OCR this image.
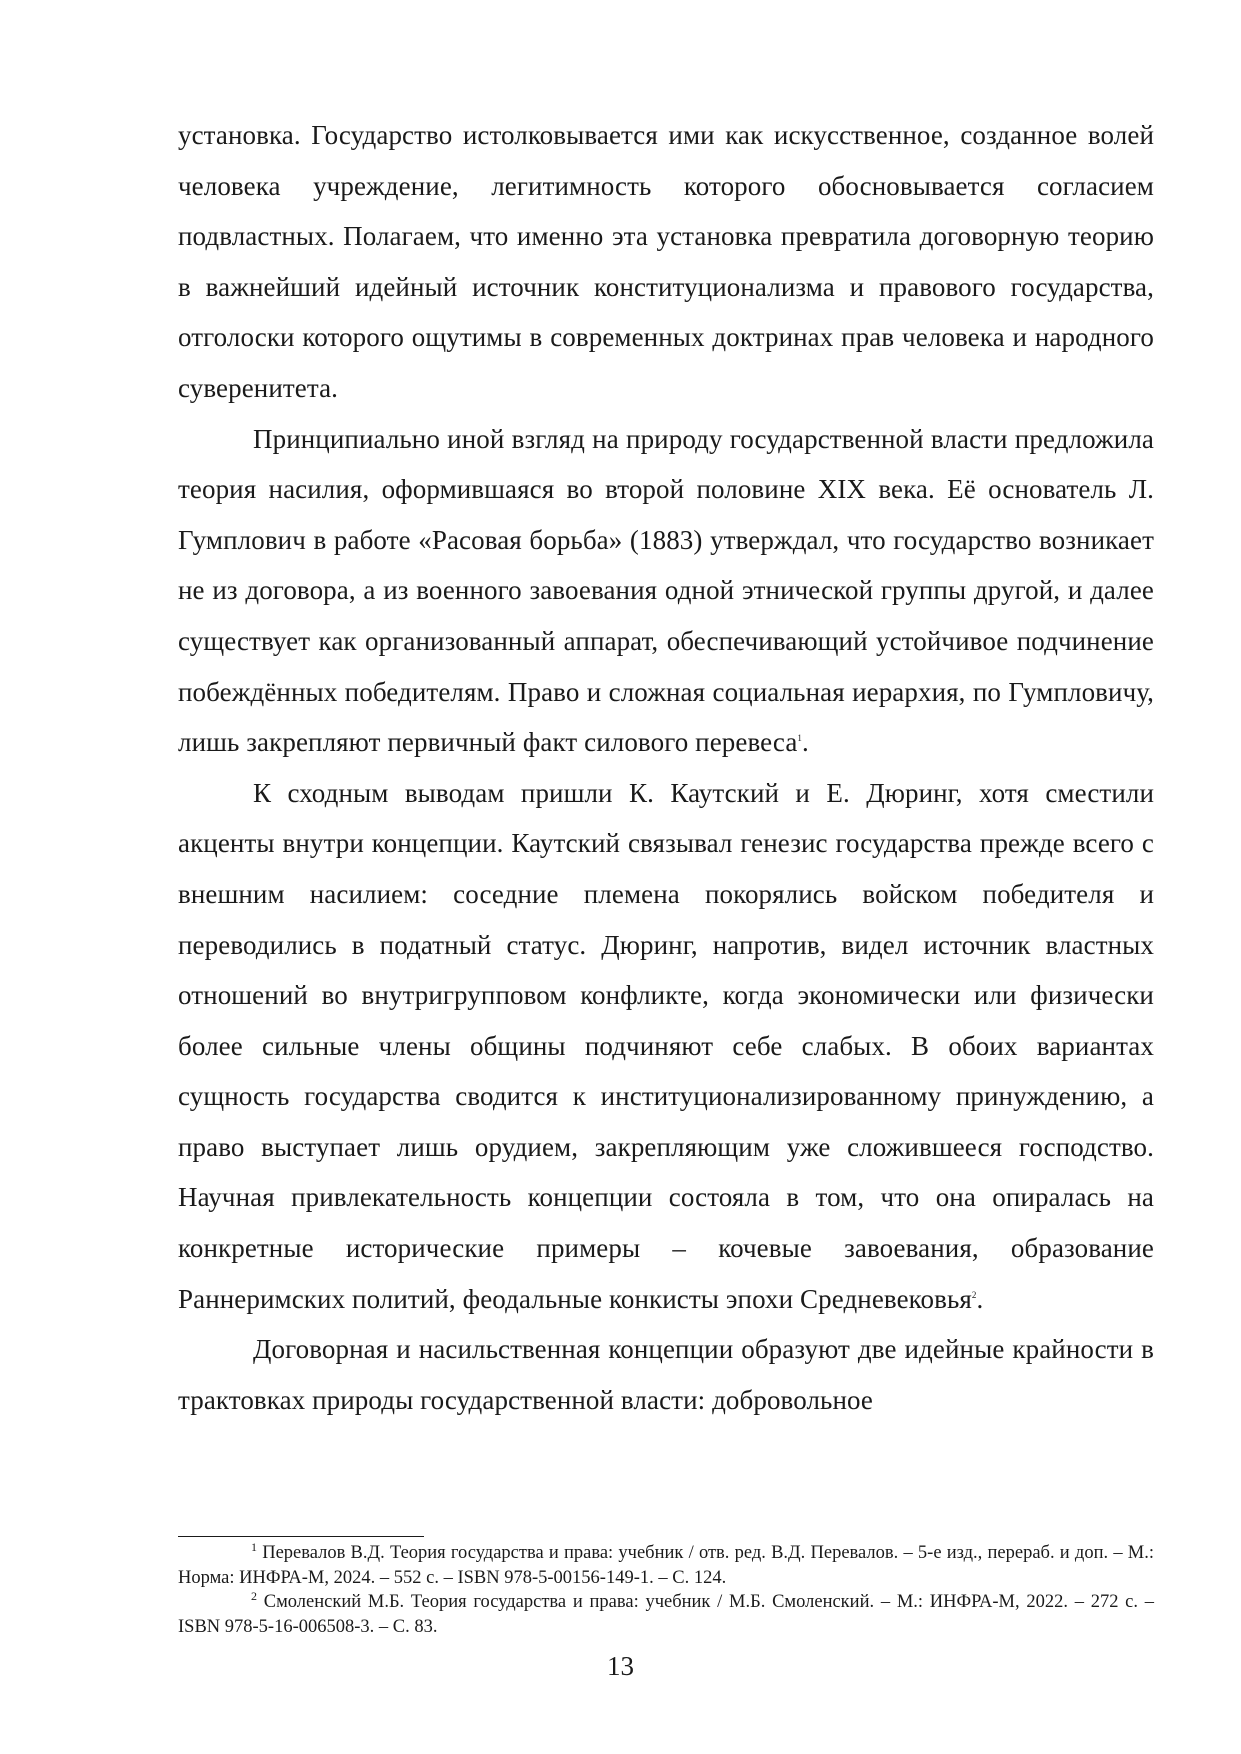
установка. Государство истолковывается ими как искусственное, созданное волей человека учреждение, легитимность которого обосновывается согласием подвластных. Полагаем, что именно эта установка превратила договорную теорию в важнейший идейный источник конституционализма и правового государства, отголоски которого ощутимы в современных доктринах прав человека и народного суверенитета.

Принципиально иной взгляд на природу государственной власти предложила теория насилия, оформившаяся во второй половине XIX века. Её основатель Л. Гумплович в работе «Расовая борьба» (1883) утверждал, что государство возникает не из договора, а из военного завоевания одной этнической группы другой, и далее существует как организованный аппарат, обеспечивающий устойчивое подчинение побеждённых победителям. Право и сложная социальная иерархия, по Гумпловичу, лишь закрепляют первичный факт силового перевеса$^1$.

К сходным выводам пришли К. Каутский и Е. Дюринг, хотя сместили акценты внутри концепции. Каутский связывал генезис государства прежде всего с внешним насилием: соседние племена покорялись войском победителя и переводились в податный статус. Дюринг, напротив, видел источник властных отношений во внутригрупповом конфликте, когда экономически или физически более сильные члены общины подчиняют себе слабых. В обоих вариантах сущность государства сводится к институционализированному принуждению, а право выступает лишь орудием, закрепляющим уже сложившееся господство. Научная привлекательность концепции состояла в том, что она опиралась на конкретные исторические примеры – кочевые завоевания, образование Раннеримских политий, феодальные конкисты эпохи Средневековья$^2$.

Договорная и насильственная концепции образуют две идейные крайности в трактовках природы государственной власти: добровольное

$^1$ Перевалов В.Д. Теория государства и права: учебник / отв. ред. В.Д. Перевалов. – 5-е изд., перераб. и доп. – М.: Норма: ИНФРА-М, 2024. – 552 с. – ISBN 978-5-00156-149-1. – С. 124.

$^2$ Смоленский М.Б. Теория государства и права: учебник / М.Б. Смоленский. – М.: ИНФРА-М, 2022. – 272 с. – ISBN 978-5-16-006508-3. – С. 83.

13
